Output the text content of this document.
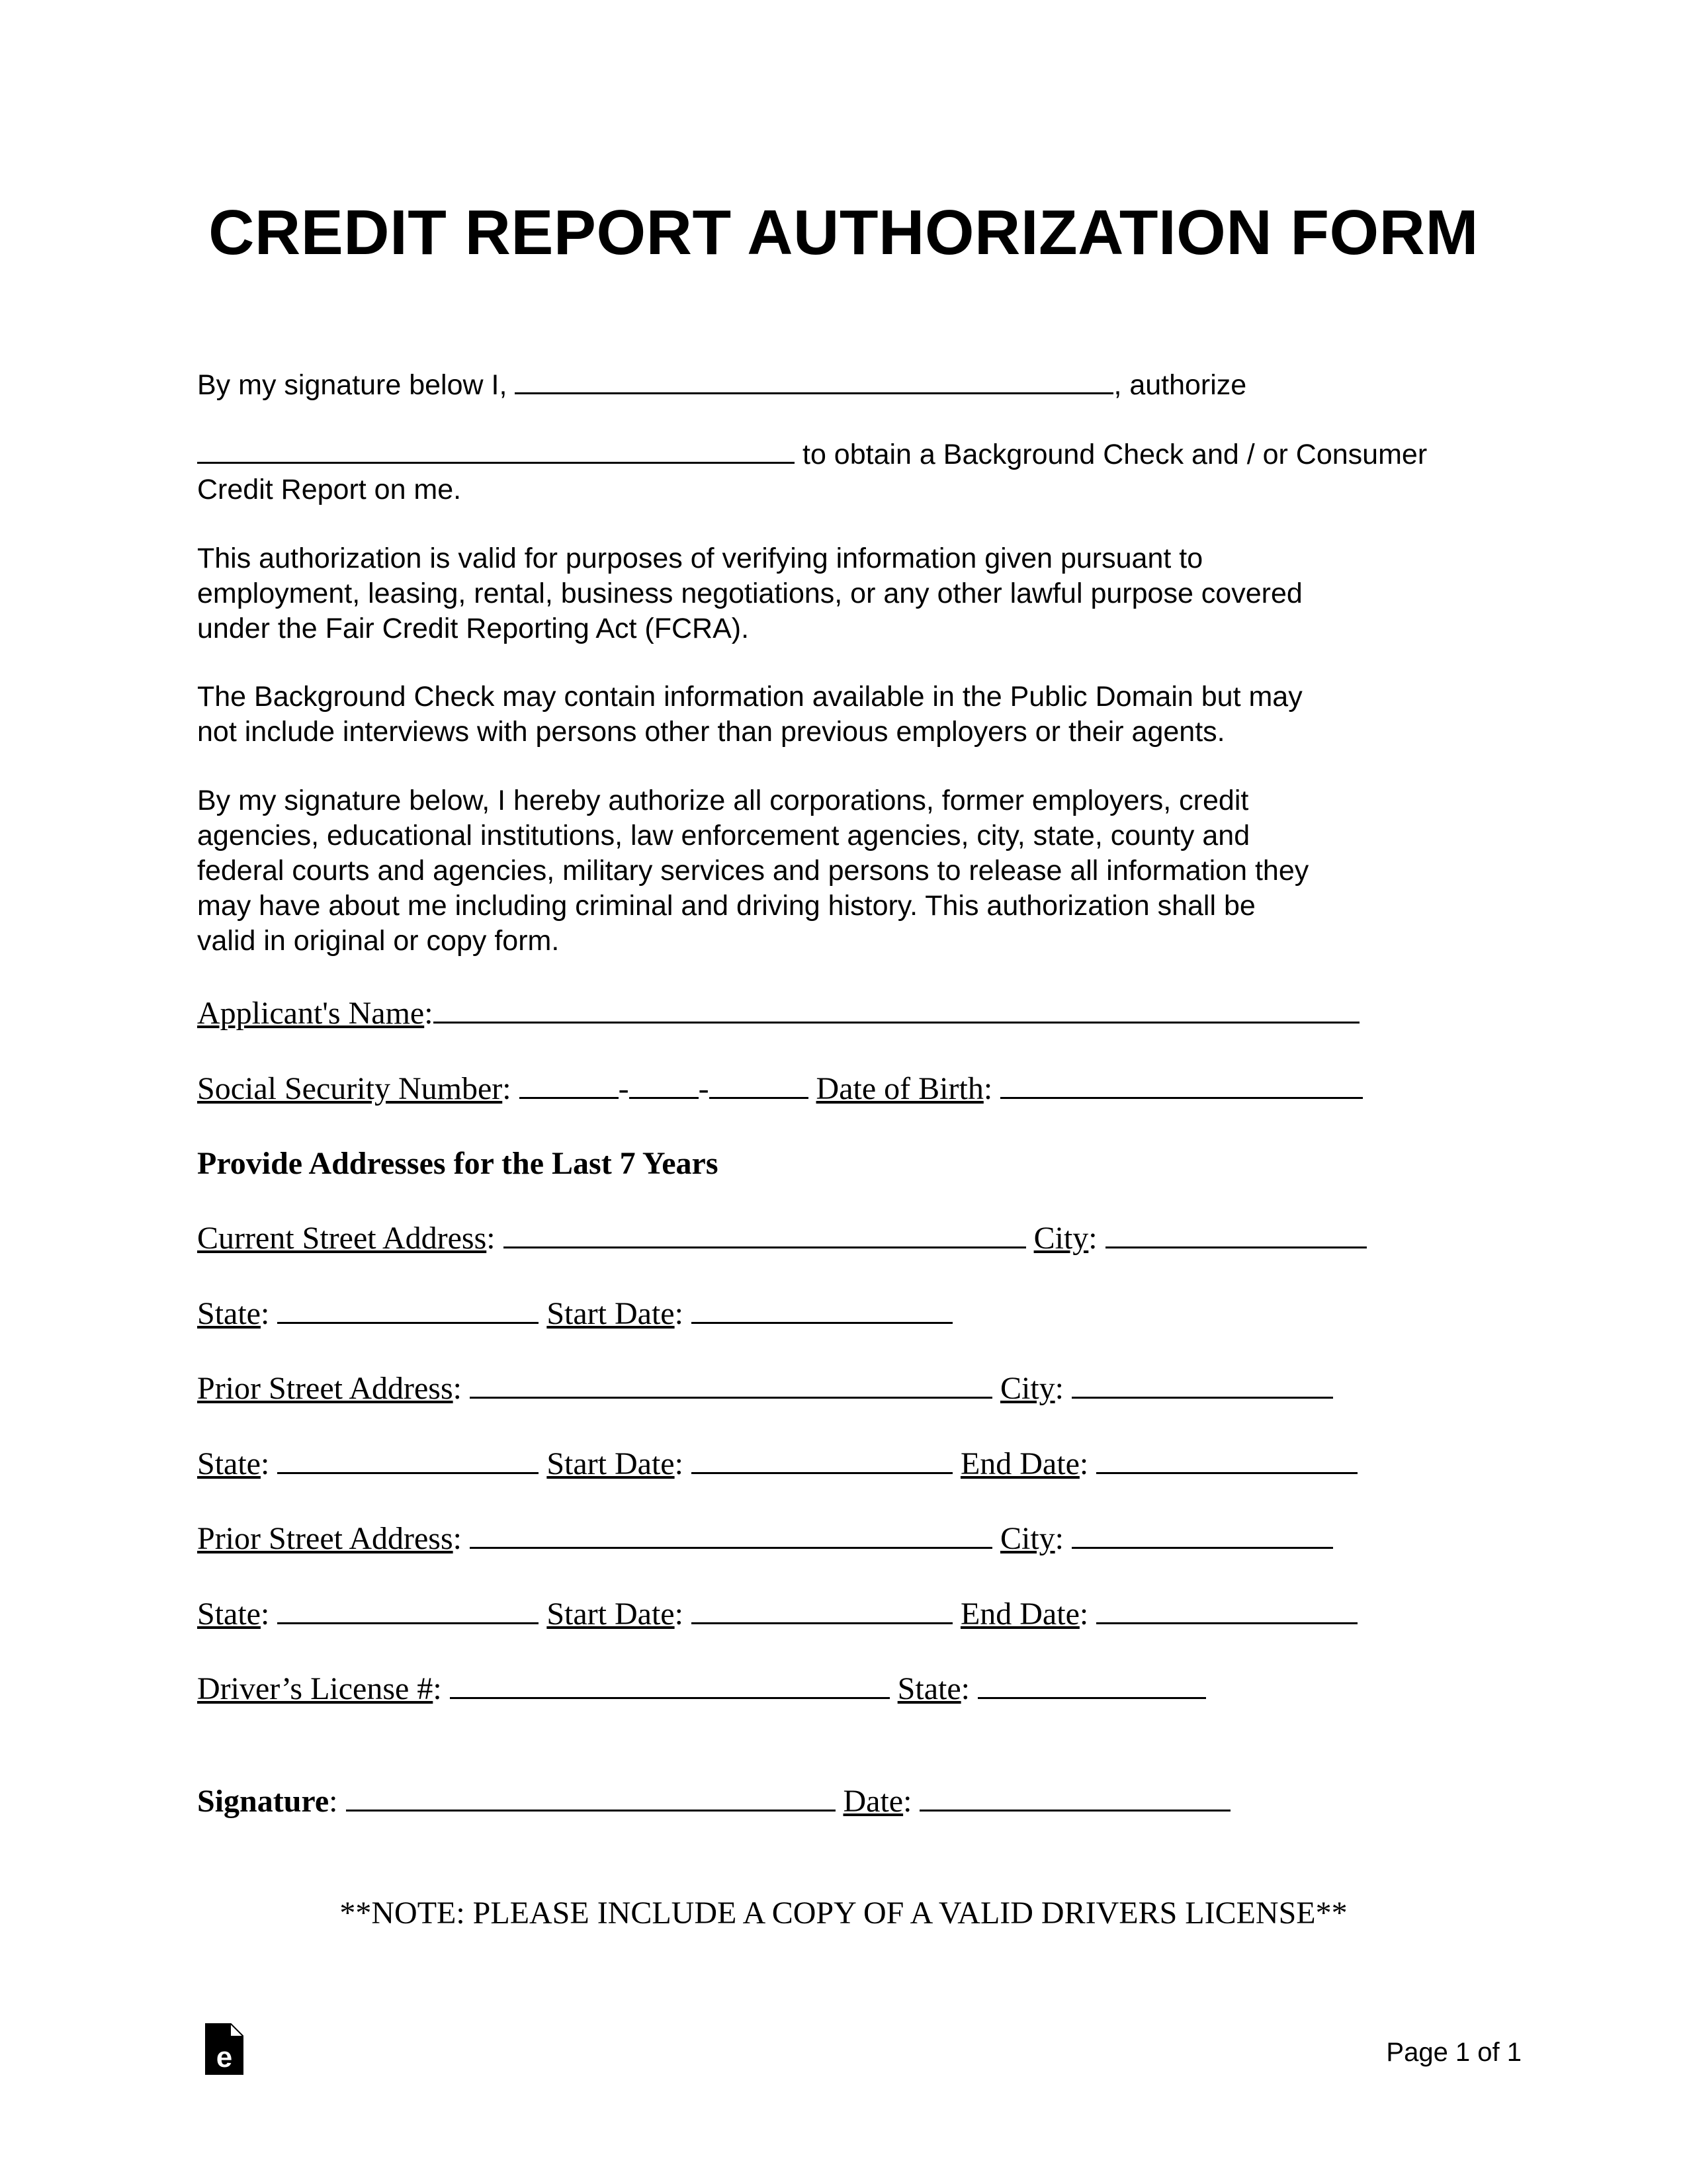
CREDIT REPORT AUTHORIZATION FORM
By my signature below I,	, authorize
to obtain a Background Check and / or Consumer
Credit Report on me.
This authorization is valid for purposes of verifying information given pursuant to
employment, leasing, rental, business negotiations, or any other lawful purpose covered
under the Fair Credit Reporting Act (FCRA).
The Background Check may contain information available in the Public Domain but may
not include interviews with persons other than previous employers or their agents.
By my signature below, I hereby authorize all corporations, former employers, credit
agencies, educational institutions, law enforcement agencies, city, state, county and
federal courts and agencies, military services and persons to release all information they
may have about me including criminal and driving history. This authorization shall be
valid in original or copy form.
Applicant's Name:
Social Security Number:	- -	Date of Birth:
Provide Addresses for the Last 7 Years
Current Street Address:	City:
State:	Start Date:
Prior Street Address:	City:
State:	Start Date:	End Date:
Prior Street Address:	City:
State:	Start Date:	End Date:
Driver’s License #:	State:
Signature:	Date:
**NOTE: PLEASE INCLUDE A COPY OF A VALID DRIVERS LICENSE**
e	Page 1 of 1
